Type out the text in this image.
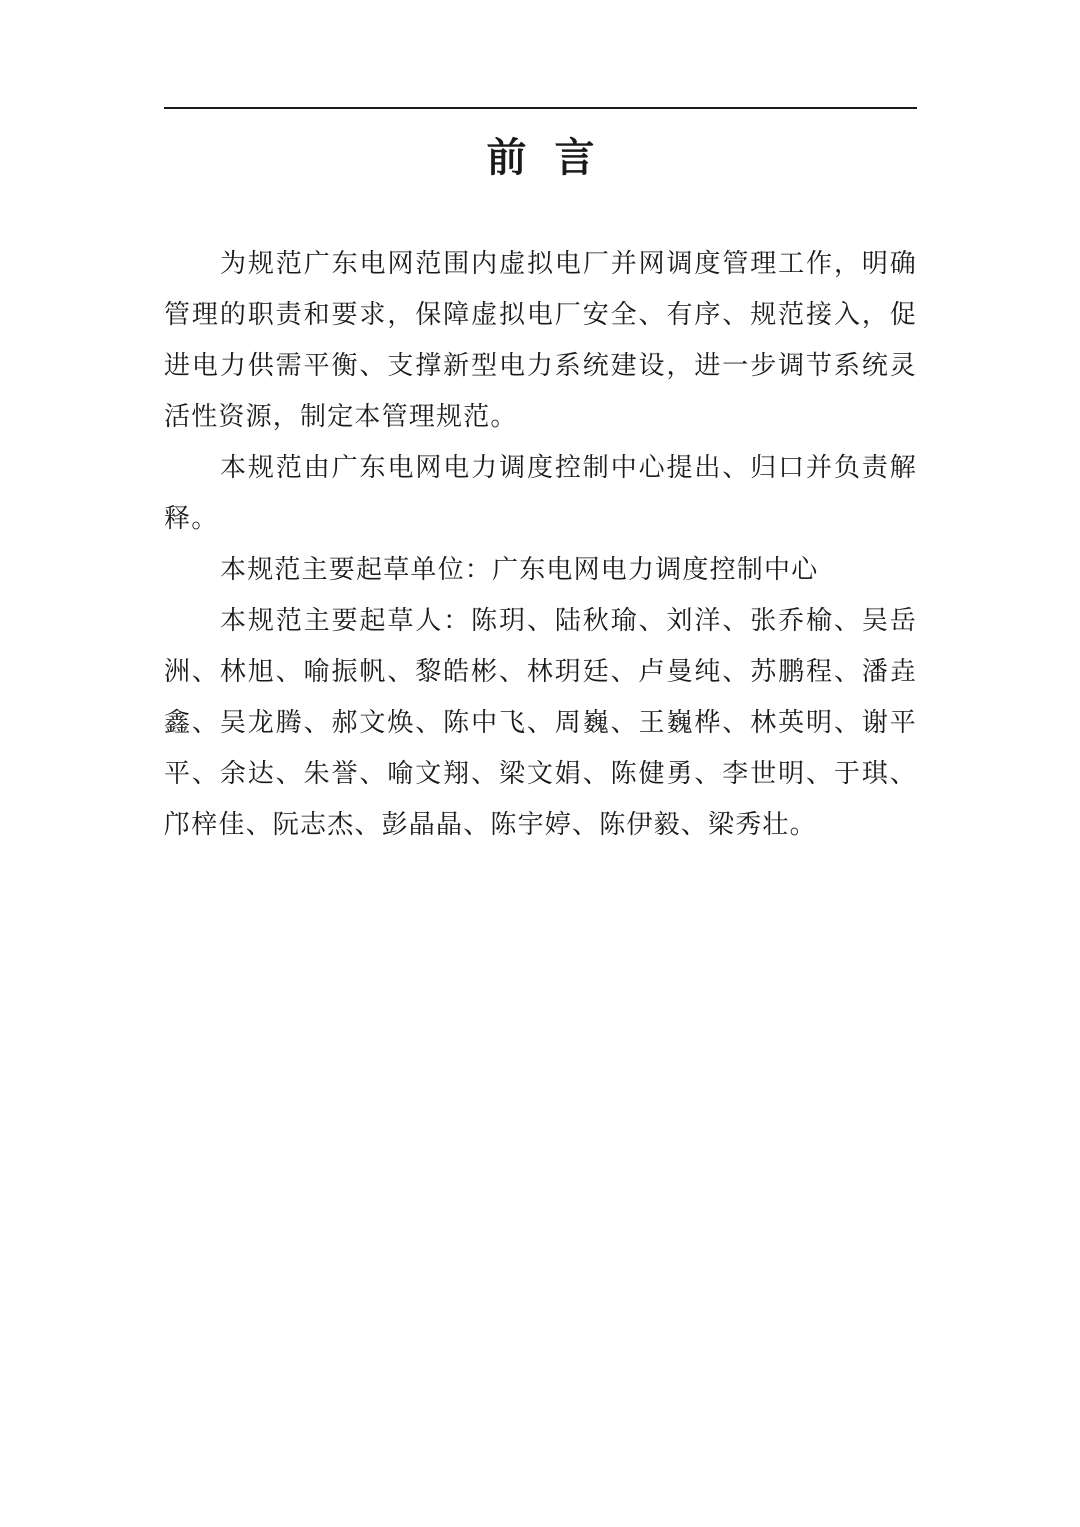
前言

为规范广东电网范围内虚拟电厂并网调度管理工作，明确管理的职责和要求，保障虚拟电厂安全、有序、规范接入，促进电力供需平衡、支撑新型电力系统建设，进一步调节系统灵活性资源，制定本管理规范。

本规范由广东电网电力调度控制中心提出、归口并负责解释。

本规范主要起草单位：广东电网电力调度控制中心

本规范主要起草人：陈玥、陆秋瑜、刘洋、张乔榆、吴岳洲、林旭、喻振帆、黎皓彬、林玥廷、卢曼纯、苏鹏程、潘垚鑫、吴龙腾、郝文焕、陈中飞、周巍、王巍桦、林英明、谢平平、余达、朱誉、喻文翔、梁文娟、陈健勇、李世明、于琪、邝梓佳、阮志杰、彭晶晶、陈宇婷、陈伊毅、梁秀壮。
